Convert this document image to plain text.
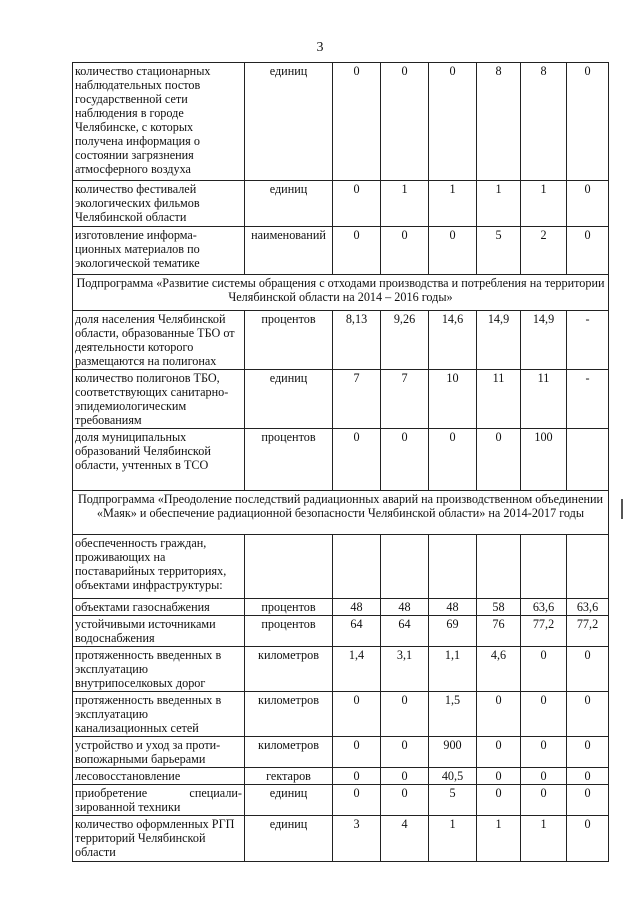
3
количество стационарных наблюдательных постов государственной сети наблюдения в городе Челябинске, с которых получена информация о состоянии загрязнения атмосферного воздуха	единиц	0	0	0	8	8	0
количество фестивалей экологических фильмов Челябинской области	единиц	0	1	1	1	1	0
изготовление информа-ционных материалов по экологической тематике	наименований	0	0	0	5	2	0
Подпрограмма «Развитие системы обращения с отходами производства и потребления на территории Челябинской области на 2014 – 2016 годы»							
доля населения Челябинской области, образованные ТБО от деятельности которого размещаются на полигонах	процентов	8,13	9,26	14,6	14,9	14,9	-
количество полигонов ТБО, соответствующих санитарно-эпидемиологическим требованиям	единиц	7	7	10	11	11	-
доля муниципальных образований Челябинской области, учтенных в ТСО	процентов	0	0	0	0	100	
Подпрограмма «Преодоление последствий радиационных аварий на производственном объединении «Маяк» и обеспечение радиационной безопасности Челябинской области» на 2014-2017 годы							
обеспеченность граждан, проживающих на поставарийных территориях, объектами инфраструктуры:							
объектами газоснабжения	процентов	48	48	48	58	63,6	63,6
устойчивыми источниками водоснабжения	процентов	64	64	69	76	77,2	77,2
протяженность введенных в эксплуатацию внутрипоселковых дорог	километров	1,4	3,1	1,1	4,6	0	0
протяженность введенных в эксплуатацию канализационных сетей	километров	0	0	1,5	0	0	0
устройство и уход за проти-вопожарными барьерами	километров	0	0	900	0	0	0
лесовосстановление	гектаров	0	0	40,5	0	0	0
приобретение специали-зированной техники	единиц	0	0	5	0	0	0
количество оформленных РГП территорий Челябинской области	единиц	3	4	1	1	1	0
